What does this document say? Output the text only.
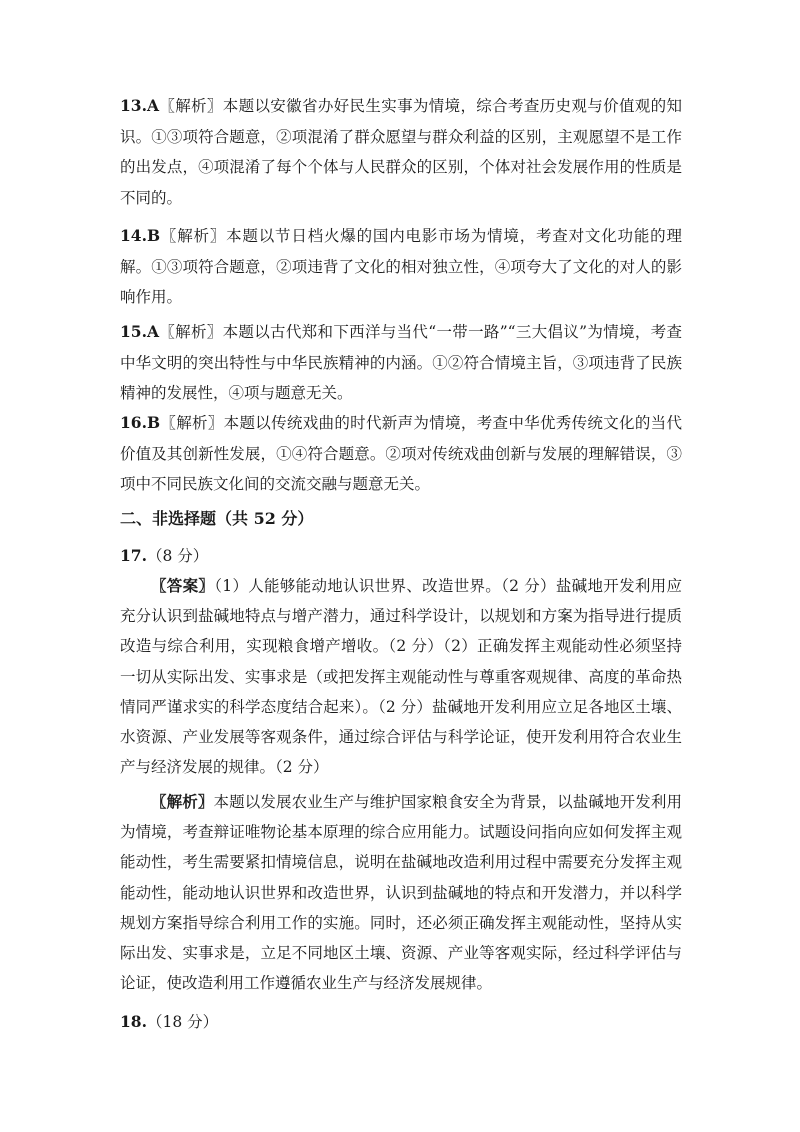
13.A〖解析〗本题以安徽省办好民生实事为情境，综合考查历史观与价值观的知识。①③项符合题意，②项混淆了群众愿望与群众利益的区别，主观愿望不是工作的出发点，④项混淆了每个个体与人民群众的区别，个体对社会发展作用的性质是不同的。
14.B〖解析〗本题以节日档火爆的国内电影市场为情境，考查对文化功能的理解。①③项符合题意，②项违背了文化的相对独立性，④项夸大了文化的对人的影响作用。
15.A〖解析〗本题以古代郑和下西洋与当代“一带一路”“三大倡议”为情境，考查中华文明的突出特性与中华民族精神的内涵。①②符合情境主旨，③项违背了民族精神的发展性，④项与题意无关。
16.B〖解析〗本题以传统戏曲的时代新声为情境，考查中华优秀传统文化的当代价值及其创新性发展，①④符合题意。②项对传统戏曲创新与发展的理解错误，③项中不同民族文化间的交流交融与题意无关。
二、非选择题（共 52 分）
17.（8 分）
〖答案〗（1）人能够能动地认识世界、改造世界。（2 分）盐碱地开发利用应充分认识到盐碱地特点与增产潜力，通过科学设计，以规划和方案为指导进行提质改造与综合利用，实现粮食增产增收。（2 分）（2）正确发挥主观能动性必须坚持一切从实际出发、实事求是（或把发挥主观能动性与尊重客观规律、高度的革命热情同严谨求实的科学态度结合起来）。（2 分）盐碱地开发利用应立足各地区土壤、水资源、产业发展等客观条件，通过综合评估与科学论证，使开发利用符合农业生产与经济发展的规律。（2 分）
〖解析〗本题以发展农业生产与维护国家粮食安全为背景，以盐碱地开发利用为情境，考查辩证唯物论基本原理的综合应用能力。试题设问指向应如何发挥主观能动性，考生需要紧扣情境信息，说明在盐碱地改造利用过程中需要充分发挥主观能动性，能动地认识世界和改造世界，认识到盐碱地的特点和开发潜力，并以科学规划方案指导综合利用工作的实施。同时，还必须正确发挥主观能动性，坚持从实际出发、实事求是，立足不同地区土壤、资源、产业等客观实际，经过科学评估与论证，使改造利用工作遵循农业生产与经济发展规律。
18.（18 分）
